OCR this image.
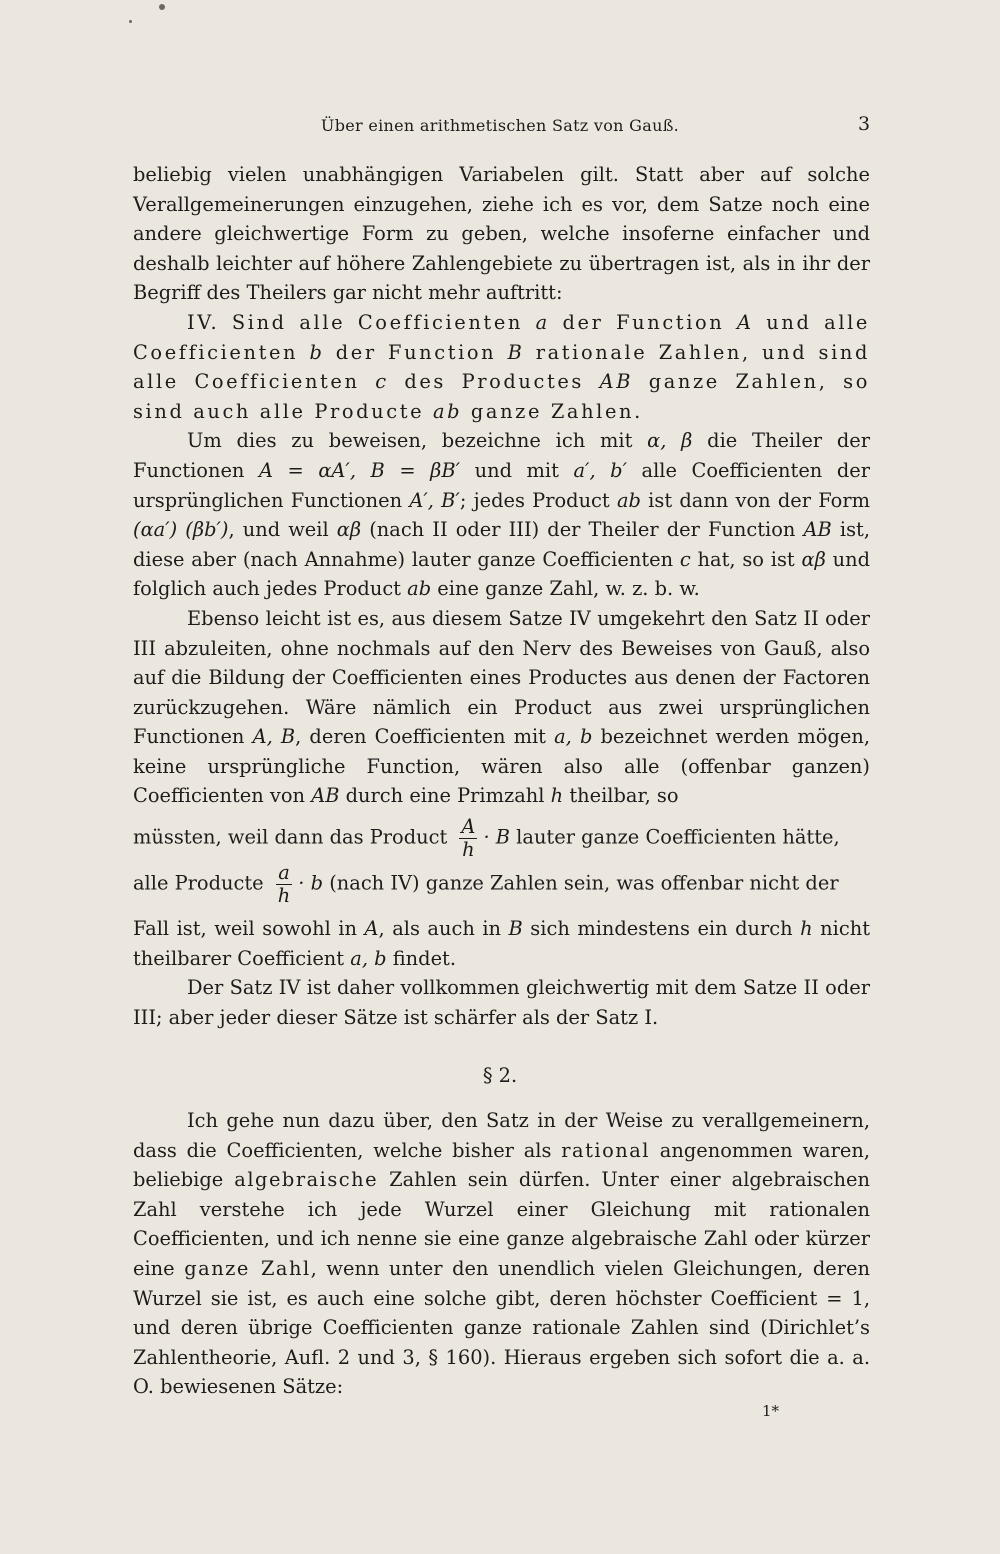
Über einen arithmetischen Satz von Gauß.	3

beliebig vielen unabhängigen Variabelen gilt. Statt aber auf solche Verallgemeinerungen einzugehen, ziehe ich es vor, dem Satze noch eine andere gleichwertige Form zu geben, welche insoferne einfacher und deshalb leichter auf höhere Zahlengebiete zu übertragen ist, als in ihr der Begriff des Theilers gar nicht mehr auftritt:

IV. Sind alle Coefficienten a der Function A und alle Coefficienten b der Function B rationale Zahlen, und sind alle Coefficienten c des Productes AB ganze Zahlen, so sind auch alle Producte ab ganze Zahlen.

Um dies zu beweisen, bezeichne ich mit α, β die Theiler der Functionen A = αA′, B = βB′ und mit a′, b′ alle Coefficienten der ursprünglichen Functionen A′, B′; jedes Product ab ist dann von der Form (αa′) (βb′), und weil αβ (nach II oder III) der Theiler der Function AB ist, diese aber (nach Annahme) lauter ganze Coefficienten c hat, so ist αβ und folglich auch jedes Product ab eine ganze Zahl, w. z. b. w.

Ebenso leicht ist es, aus diesem Satze IV umgekehrt den Satz II oder III abzuleiten, ohne nochmals auf den Nerv des Beweises von Gauß, also auf die Bildung der Coefficienten eines Productes aus denen der Factoren zurückzugehen. Wäre nämlich ein Product aus zwei ursprünglichen Functionen A, B, deren Coefficienten mit a, b bezeichnet werden mögen, keine ursprüngliche Function, wären also alle (offenbar ganzen) Coefficienten von AB durch eine Primzahl h theilbar, so

müssten, weil dann das Product $\frac{A}{h} \cdot B$ lauter ganze Coefficienten hätte,
alle Producte $\frac{a}{h} \cdot b$ (nach IV) ganze Zahlen sein, was offenbar nicht der

Fall ist, weil sowohl in A, als auch in B sich mindestens ein durch h nicht theilbarer Coefficient a, b findet.

Der Satz IV ist daher vollkommen gleichwertig mit dem Satze II oder III; aber jeder dieser Sätze ist schärfer als der Satz I.

§ 2.

Ich gehe nun dazu über, den Satz in der Weise zu verallgemeinern, dass die Coefficienten, welche bisher als rational angenommen waren, beliebige algebraische Zahlen sein dürfen. Unter einer algebraischen Zahl verstehe ich jede Wurzel einer Gleichung mit rationalen Coefficienten, und ich nenne sie eine ganze algebraische Zahl oder kürzer eine ganze Zahl, wenn unter den unendlich vielen Gleichungen, deren Wurzel sie ist, es auch eine solche gibt, deren höchster Coefficient = 1, und deren übrige Coefficienten ganze rationale Zahlen sind (Dirichlet’s Zahlentheorie, Aufl. 2 und 3, § 160). Hieraus ergeben sich sofort die a. a. O. bewiesenen Sätze:

1*
